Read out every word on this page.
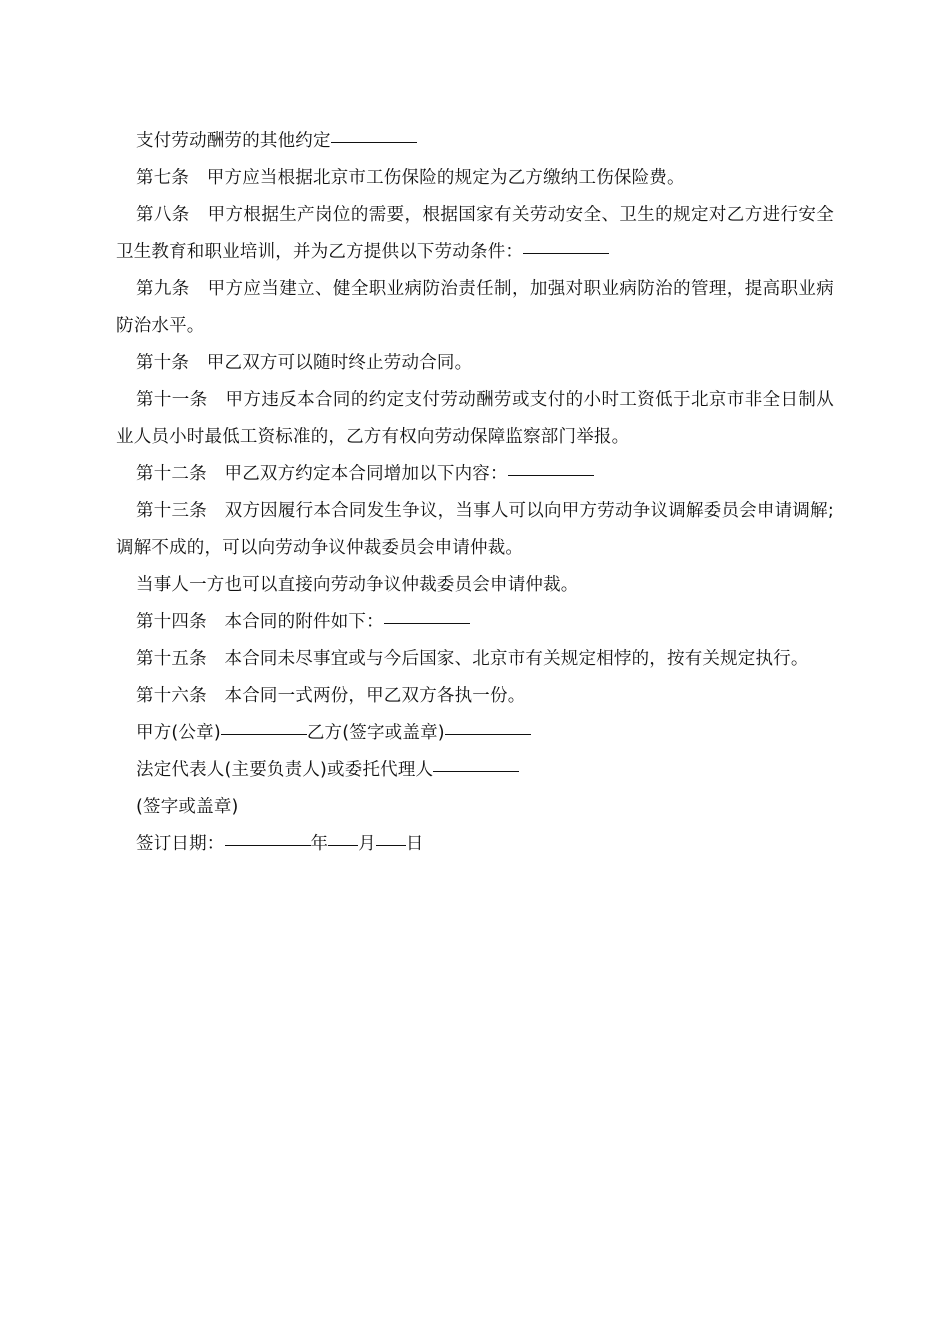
支付劳动酬劳的其他约定

第七条　甲方应当根据北京市工伤保险的规定为乙方缴纳工伤保险费。

第八条　甲方根据生产岗位的需要，根据国家有关劳动安全、卫生的规定对乙方进行安全卫生教育和职业培训，并为乙方提供以下劳动条件：

第九条　甲方应当建立、健全职业病防治责任制，加强对职业病防治的管理，提高职业病防治水平。

第十条　甲乙双方可以随时终止劳动合同。

第十一条　甲方违反本合同的约定支付劳动酬劳或支付的小时工资低于北京市非全日制从业人员小时最低工资标准的，乙方有权向劳动保障监察部门举报。

第十二条　甲乙双方约定本合同增加以下内容：

第十三条　双方因履行本合同发生争议，当事人可以向甲方劳动争议调解委员会申请调解;调解不成的，可以向劳动争议仲裁委员会申请仲裁。

当事人一方也可以直接向劳动争议仲裁委员会申请仲裁。

第十四条　本合同的附件如下：

第十五条　本合同未尽事宜或与今后国家、北京市有关规定相悖的，按有关规定执行。

第十六条　本合同一式两份，甲乙双方各执一份。

甲方(公章)	乙方(签字或盖章)

法定代表人(主要负责人)或委托代理人

(签字或盖章)

签订日期：	年 月 日
